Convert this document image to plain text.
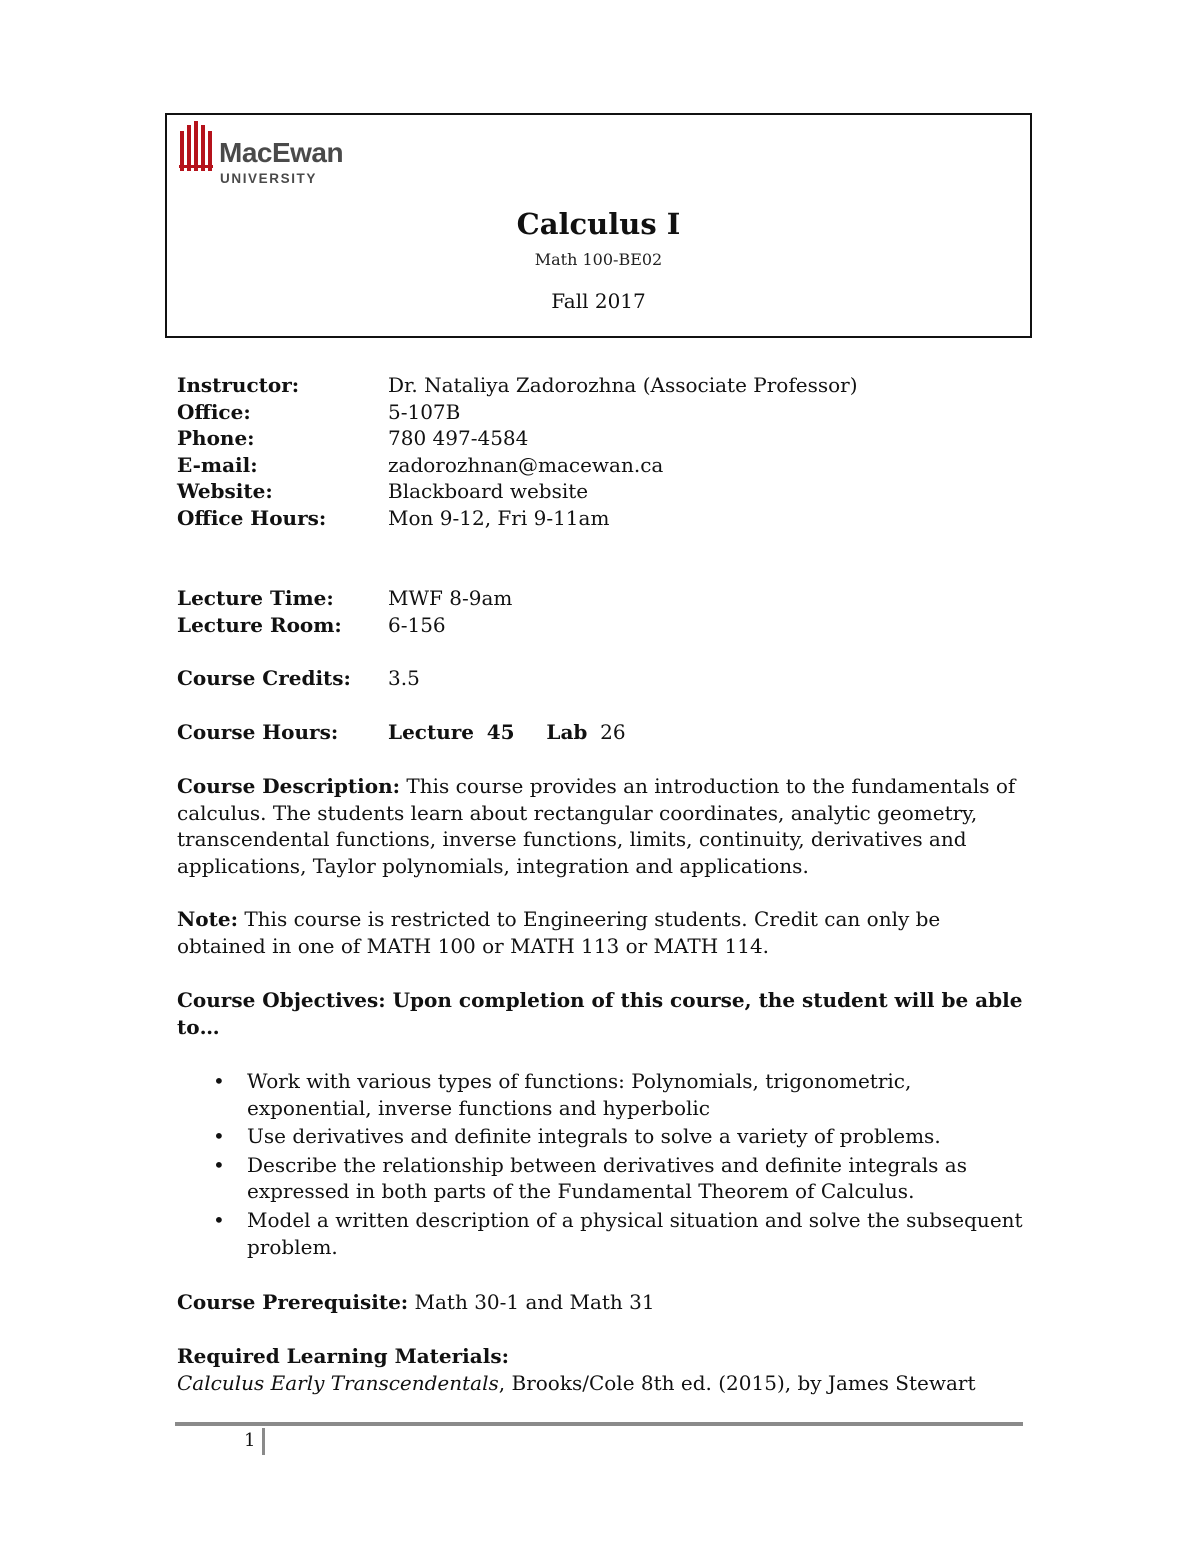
MacEwan
UNIVERSITY
Calculus I
Math 100-BE02
Fall 2017
Instructor:	Dr. Nataliya Zadorozhna (Associate Professor)
Office:	5-107B
Phone:	780 497-4584
E-mail:	zadorozhnan@macewan.ca
Website:	Blackboard website
Office Hours:	Mon 9-12, Fri 9-11am
Lecture Time:	MWF 8-9am
Lecture Room:	6-156
Course Credits:	3.5
Course Hours:	Lecture 45 Lab 26

Course Description: This course provides an introduction to the fundamentals of calculus. The students learn about rectangular coordinates, analytic geometry, transcendental functions, inverse functions, limits, continuity, derivatives and applications, Taylor polynomials, integration and applications.

Note: This course is restricted to Engineering students. Credit can only be obtained in one of MATH 100 or MATH 113 or MATH 114.

Course Objectives: Upon completion of this course, the student will be able to…

• Work with various types of functions: Polynomials, trigonometric, exponential, inverse functions and hyperbolic
• Use derivatives and definite integrals to solve a variety of problems.
• Describe the relationship between derivatives and definite integrals as expressed in both parts of the Fundamental Theorem of Calculus.
• Model a written description of a physical situation and solve the subsequent problem.

Course Prerequisite: Math 30-1 and Math 31

Required Learning Materials:

Calculus Early Transcendentals, Brooks/Cole 8th ed. (2015), by James Stewart

1
